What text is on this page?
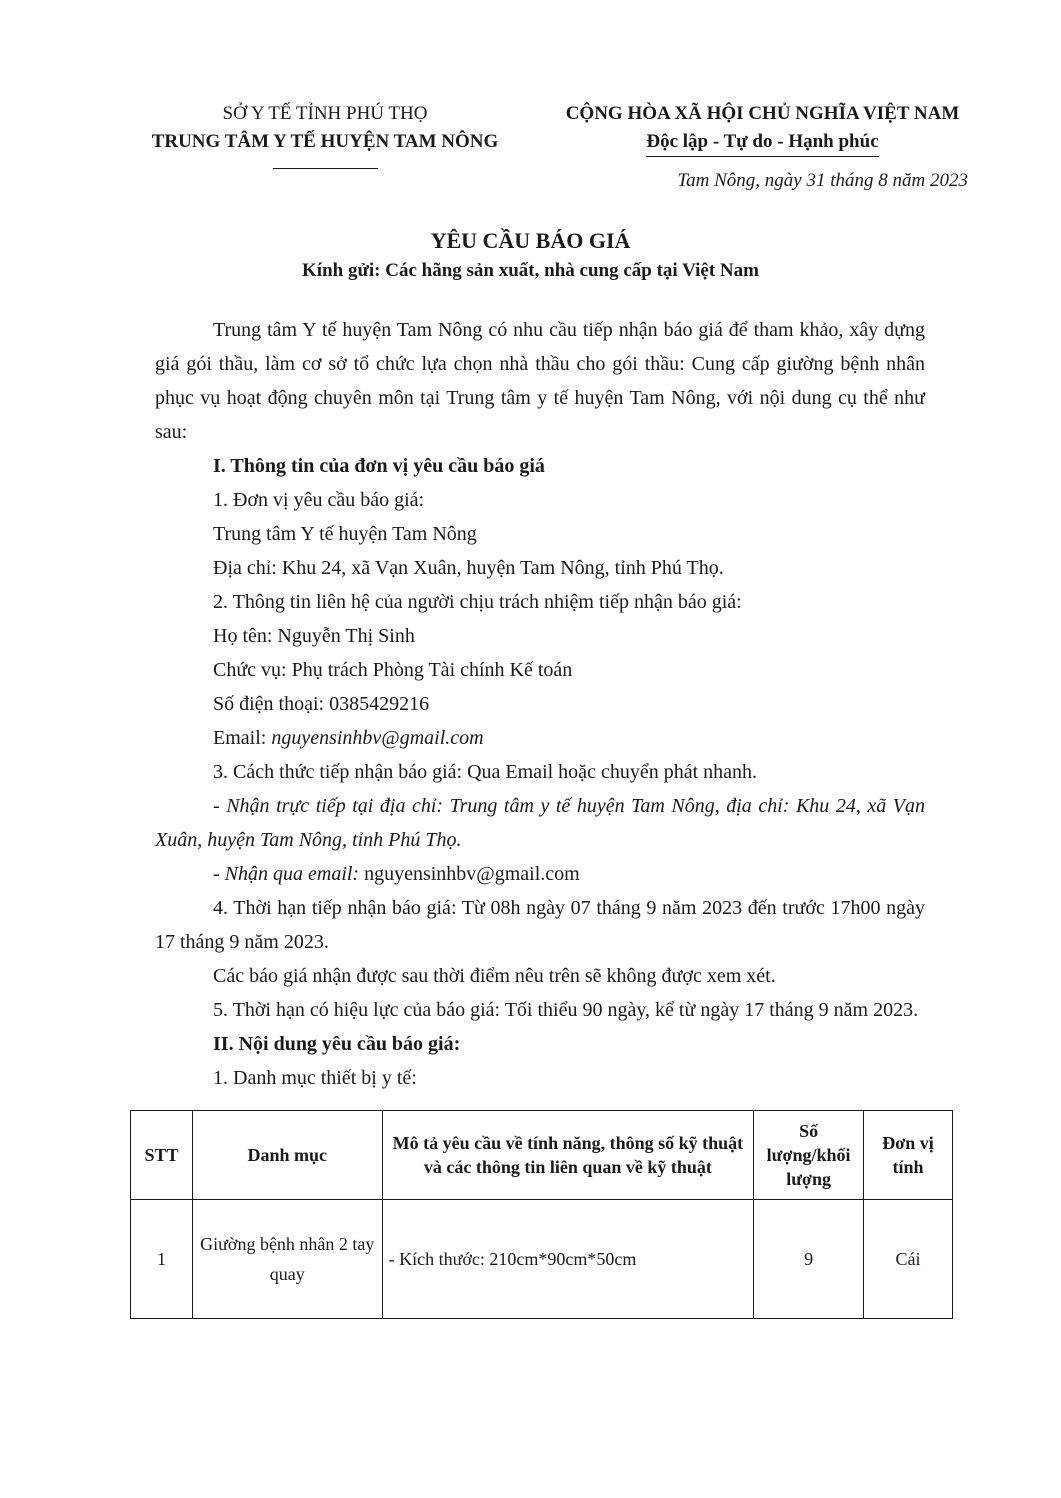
SỞ Y TẾ TỈNH PHÚ THỌ
TRUNG TÂM Y TẾ HUYỆN TAM NÔNG
CỘNG HÒA XÃ HỘI CHỦ NGHĨA VIỆT NAM
Độc lập - Tự do - Hạnh phúc
Tam Nông, ngày 31 tháng 8 năm 2023
YÊU CẦU BÁO GIÁ
Kính gửi: Các hãng sản xuất, nhà cung cấp tại Việt Nam

Trung tâm Y tế huyện Tam Nông có nhu cầu tiếp nhận báo giá để tham khảo, xây dựng giá gói thầu, làm cơ sở tổ chức lựa chọn nhà thầu cho gói thầu: Cung cấp giường bệnh nhân phục vụ hoạt động chuyên môn tại Trung tâm y tế huyện Tam Nông, với nội dung cụ thể như sau:

I. Thông tin của đơn vị yêu cầu báo giá

1. Đơn vị yêu cầu báo giá:

Trung tâm Y tế huyện Tam Nông

Địa chỉ: Khu 24, xã Vạn Xuân, huyện Tam Nông, tỉnh Phú Thọ.

2. Thông tin liên hệ của người chịu trách nhiệm tiếp nhận báo giá:

Họ tên: Nguyễn Thị Sinh

Chức vụ: Phụ trách Phòng Tài chính Kế toán

Số điện thoại: 0385429216

Email: nguyensinhbv@gmail.com

3. Cách thức tiếp nhận báo giá: Qua Email hoặc chuyển phát nhanh.

- Nhận trực tiếp tại địa chỉ: Trung tâm y tế huyện Tam Nông, địa chỉ: Khu 24, xã Vạn Xuân, huyện Tam Nông, tỉnh Phú Thọ.

- Nhận qua email: nguyensinhbv@gmail.com

4. Thời hạn tiếp nhận báo giá: Từ 08h ngày 07 tháng 9 năm 2023 đến trước 17h00 ngày 17 tháng 9 năm 2023.

Các báo giá nhận được sau thời điểm nêu trên sẽ không được xem xét.

5. Thời hạn có hiệu lực của báo giá: Tối thiểu 90 ngày, kể từ ngày 17 tháng 9 năm 2023.

II. Nội dung yêu cầu báo giá:

1. Danh mục thiết bị y tế:

STT	Danh mục	Mô tả yêu cầu về tính năng, thông số kỹ thuật và các thông tin liên quan về kỹ thuật	Số lượng/khối lượng	Đơn vị tính
1	Giường bệnh nhân 2 tay quay	- Kích thước: 210cm*90cm*50cm	9	Cái
